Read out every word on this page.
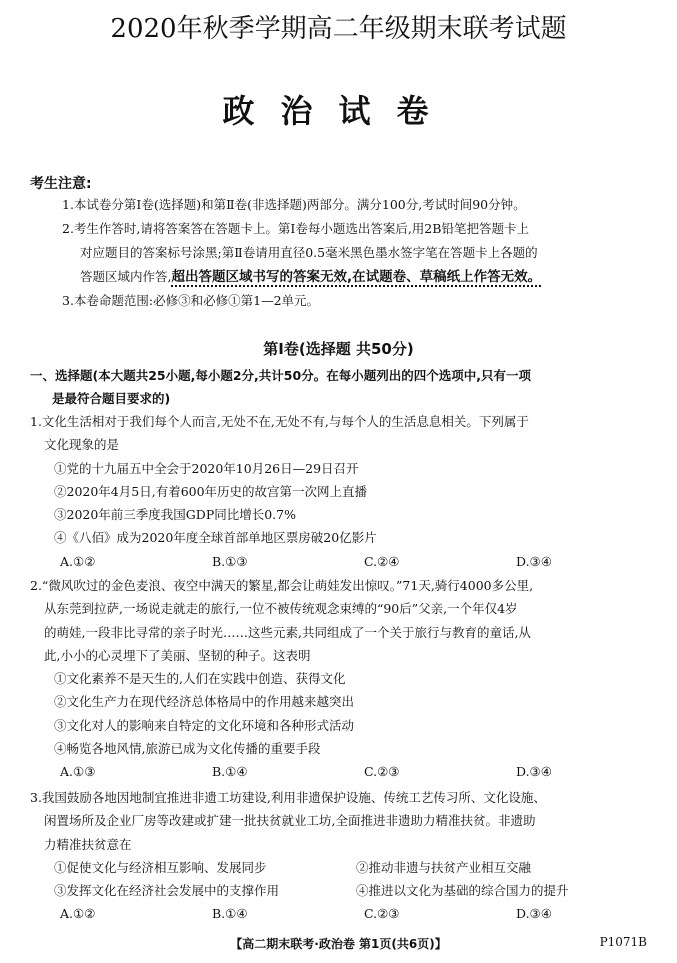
2020年秋季学期高二年级期末联考试题
政治试卷
考生注意:
1.本试卷分第Ⅰ卷(选择题)和第Ⅱ卷(非选择题)两部分。满分100分,考试时间90分钟。
2.考生作答时,请将答案答在答题卡上。第Ⅰ卷每小题选出答案后,用2B铅笔把答题卡上
对应题目的答案标号涂黑;第Ⅱ卷请用直径0.5毫米黑色墨水签字笔在答题卡上各题的
答题区域内作答,超出答题区域书写的答案无效,在试题卷、草稿纸上作答无效。
3.本卷命题范围:必修③和必修①第1—2单元。
第Ⅰ卷(选择题 共50分)
一、选择题(本大题共25小题,每小题2分,共计50分。在每小题列出的四个选项中,只有一项
是最符合题目要求的)
1.文化生活相对于我们每个人而言,无处不在,无处不有,与每个人的生活息息相关。下列属于
文化现象的是
①党的十九届五中全会于2020年10月26日—29日召开
②2020年4月5日,有着600年历史的故宫第一次网上直播
③2020年前三季度我国GDP同比增长0.7%
④《八佰》成为2020年度全球首部单地区票房破20亿影片
A.①②	B.①③	C.②④	D.③④
2.“微风吹过的金色麦浪、夜空中满天的繁星,都会让萌娃发出惊叹。”71天,骑行4000多公里,
从东莞到拉萨,一场说走就走的旅行,一位不被传统观念束缚的“90后”父亲,一个年仅4岁
的萌娃,一段非比寻常的亲子时光……这些元素,共同组成了一个关于旅行与教育的童话,从
此,小小的心灵埋下了美丽、坚韧的种子。这表明
①文化素养不是天生的,人们在实践中创造、获得文化
②文化生产力在现代经济总体格局中的作用越来越突出
③文化对人的影响来自特定的文化环境和各种形式活动
④畅览各地风情,旅游已成为文化传播的重要手段
A.①③	B.①④	C.②③	D.③④
3.我国鼓励各地因地制宜推进非遗工坊建设,利用非遗保护设施、传统工艺传习所、文化设施、
闲置场所及企业厂房等改建或扩建一批扶贫就业工坊,全面推进非遗助力精准扶贫。非遗助
力精准扶贫意在
①促使文化与经济相互影响、发展同步	②推动非遗与扶贫产业相互交融
③发挥文化在经济社会发展中的支撑作用	④推进以文化为基础的综合国力的提升
A.①②	B.①④	C.②③	D.③④
【高二期末联考·政治卷 第1页(共6页)】	P1071B
